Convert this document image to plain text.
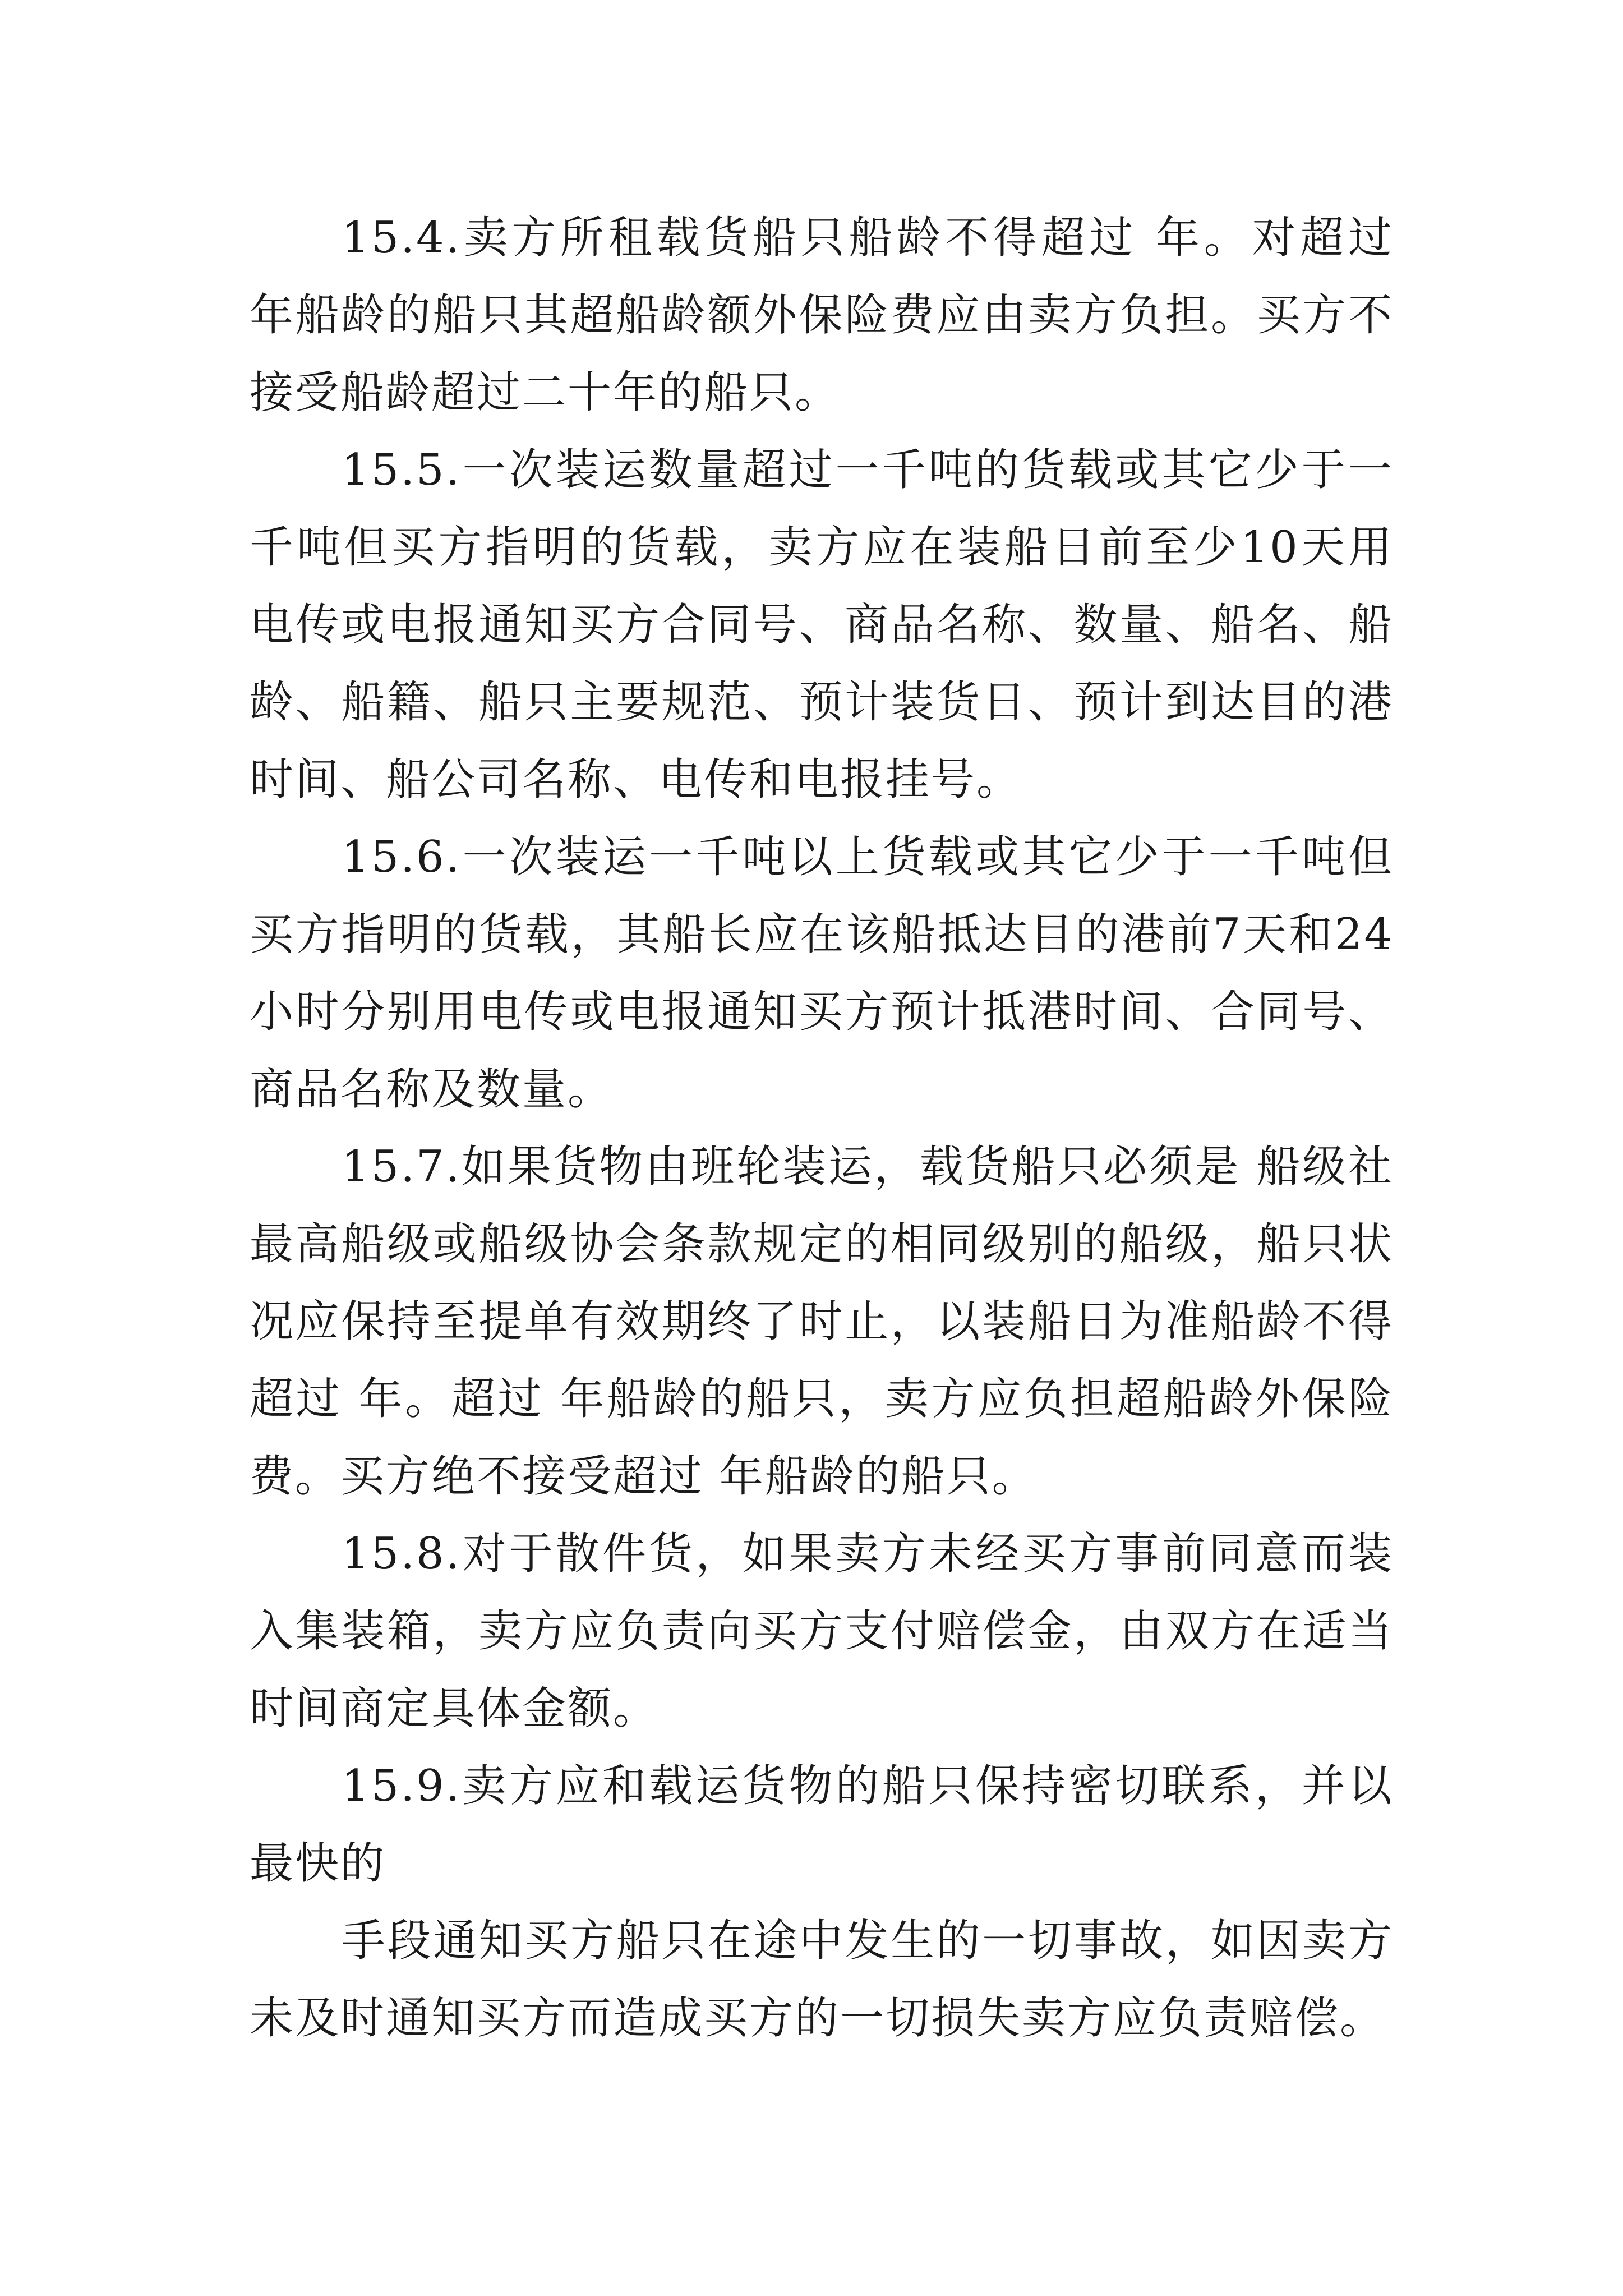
15.4.卖方所租载货船只船龄不得超过 年。对超过 年船龄的船只其超船龄额外保险费应由卖方负担。买方不接受船龄超过二十年的船只。

15.5.一次装运数量超过一千吨的货载或其它少于一千吨但买方指明的货载，卖方应在装船日前至少10天用电传或电报通知买方合同号、商品名称、数量、船名、船龄、船籍、船只主要规范、预计装货日、预计到达目的港时间、船公司名称、电传和电报挂号。

15.6.一次装运一千吨以上货载或其它少于一千吨但买方指明的货载，其船长应在该船抵达目的港前7天和24小时分别用电传或电报通知买方预计抵港时间、合同号、商品名称及数量。

15.7.如果货物由班轮装运，载货船只必须是 船级社最高船级或船级协会条款规定的相同级别的船级，船只状况应保持至提单有效期终了时止，以装船日为准船龄不得超过 年。超过 年船龄的船只，卖方应负担超船龄外保险费。买方绝不接受超过 年船龄的船只。

15.8.对于散件货，如果卖方未经买方事前同意而装入集装箱，卖方应负责向买方支付赔偿金，由双方在适当时间商定具体金额。

15.9.卖方应和载运货物的船只保持密切联系，并以最快的

手段通知买方船只在途中发生的一切事故，如因卖方未及时通知买方而造成买方的一切损失卖方应负责赔偿。
